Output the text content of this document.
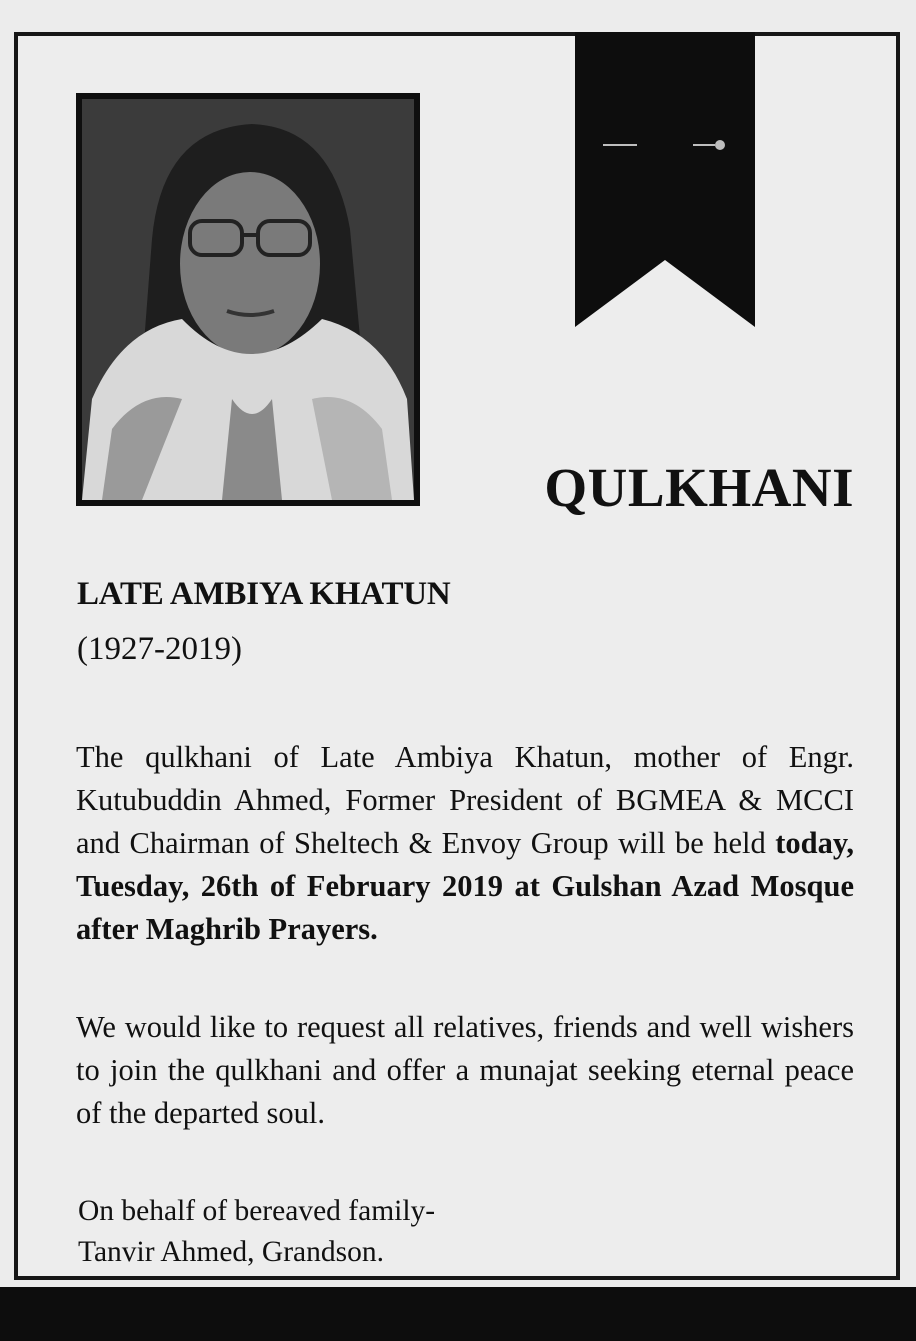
QULKHANI
LATE AMBIYA KHATUN

(1927-2019)

The qulkhani of Late Ambiya Khatun, mother of Engr. Kutubuddin Ahmed, Former President of BGMEA & MCCI and Chairman of Sheltech & Envoy Group will be held today, Tuesday, 26th of February 2019 at Gulshan Azad Mosque after Maghrib Prayers.

We would like to request all relatives, friends and well wishers to join the qulkhani and offer a munajat seeking eternal peace of the departed soul.

On behalf of bereaved family-
Tanvir Ahmed, Grandson.
